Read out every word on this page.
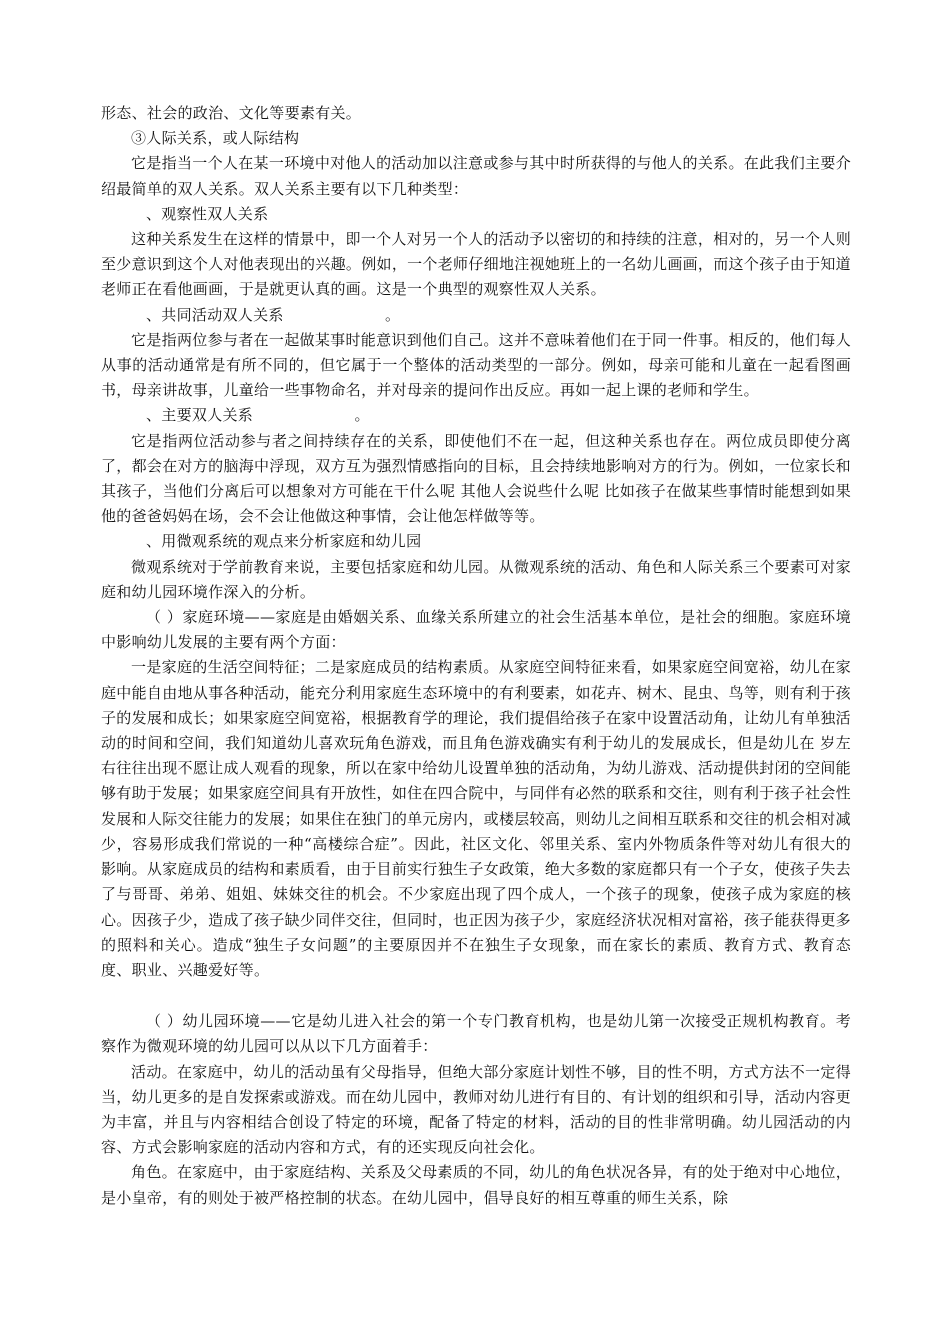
形态、社会的政治、文化等要素有关。

③人际关系，或人际结构

它是指当一个人在某一环境中对他人的活动加以注意或参与其中时所获得的与他人的关系。在此我们主要介绍最简单的双人关系。双人关系主要有以下几种类型：

、观察性双人关系

这种关系发生在这样的情景中，即一个人对另一个人的活动予以密切的和持续的注意，相对的，另一个人则至少意识到这个人对他表现出的兴趣。例如，一个老师仔细地注视她班上的一名幼儿画画，而这个孩子由于知道老师正在看他画画，于是就更认真的画。这是一个典型的观察性双人关系。

、共同活动双人关系                    。

它是指两位参与者在一起做某事时能意识到他们自己。这并不意味着他们在于同一件事。相反的，他们每人从事的活动通常是有所不同的，但它属于一个整体的活动类型的一部分。例如，母亲可能和儿童在一起看图画书，母亲讲故事，儿童给一些事物命名，并对母亲的提问作出反应。再如一起上课的老师和学生。

、主要双人关系                    。

它是指两位活动参与者之间持续存在的关系，即使他们不在一起，但这种关系也存在。两位成员即使分离了，都会在对方的脑海中浮现，双方互为强烈情感指向的目标，且会持续地影响对方的行为。例如，一位家长和其孩子，当他们分离后可以想象对方可能在干什么呢 其他人会说些什么呢 比如孩子在做某些事情时能想到如果他的爸爸妈妈在场，会不会让他做这种事情，会让他怎样做等等。

、用微观系统的观点来分析家庭和幼儿园

微观系统对于学前教育来说，主要包括家庭和幼儿园。从微观系统的活动、角色和人际关系三个要素可对家庭和幼儿园环境作深入的分析。

（ ）家庭环境——家庭是由婚姻关系、血缘关系所建立的社会生活基本单位，是社会的细胞。家庭环境中影响幼儿发展的主要有两个方面：

一是家庭的生活空间特征；二是家庭成员的结构素质。从家庭空间特征来看，如果家庭空间宽裕，幼儿在家庭中能自由地从事各种活动，能充分利用家庭生态环境中的有利要素，如花卉、树木、昆虫、鸟等，则有利于孩子的发展和成长；如果家庭空间宽裕，根据教育学的理论，我们提倡给孩子在家中设置活动角，让幼儿有单独活动的时间和空间，我们知道幼儿喜欢玩角色游戏，而且角色游戏确实有利于幼儿的发展成长，但是幼儿在 岁左右往往出现不愿让成人观看的现象，所以在家中给幼儿设置单独的活动角，为幼儿游戏、活动提供封闭的空间能够有助于发展；如果家庭空间具有开放性，如住在四合院中，与同伴有必然的联系和交往，则有利于孩子社会性发展和人际交往能力的发展；如果住在独门的单元房内，或楼层较高，则幼儿之间相互联系和交往的机会相对减少，容易形成我们常说的一种“高楼综合症”。因此，社区文化、邻里关系、室内外物质条件等对幼儿有很大的影响。从家庭成员的结构和素质看，由于目前实行独生子女政策，绝大多数的家庭都只有一个子女，使孩子失去了与哥哥、弟弟、姐姐、妹妹交往的机会。不少家庭出现了四个成人，一个孩子的现象，使孩子成为家庭的核心。因孩子少，造成了孩子缺少同伴交往，但同时，也正因为孩子少，家庭经济状况相对富裕，孩子能获得更多的照料和关心。造成“独生子女问题”的主要原因并不在独生子女现象，而在家长的素质、教育方式、教育态度、职业、兴趣爱好等。

（ ）幼儿园环境——它是幼儿进入社会的第一个专门教育机构，也是幼儿第一次接受正规机构教育。考察作为微观环境的幼儿园可以从以下几方面着手：

活动。在家庭中，幼儿的活动虽有父母指导，但绝大部分家庭计划性不够，目的性不明，方式方法不一定得当，幼儿更多的是自发探索或游戏。而在幼儿园中，教师对幼儿进行有目的、有计划的组织和引导，活动内容更为丰富，并且与内容相结合创设了特定的环境，配备了特定的材料，活动的目的性非常明确。幼儿园活动的内容、方式会影响家庭的活动内容和方式，有的还实现反向社会化。

角色。在家庭中，由于家庭结构、关系及父母素质的不同，幼儿的角色状况各异，有的处于绝对中心地位，是小皇帝，有的则处于被严格控制的状态。在幼儿园中，倡导良好的相互尊重的师生关系，除
